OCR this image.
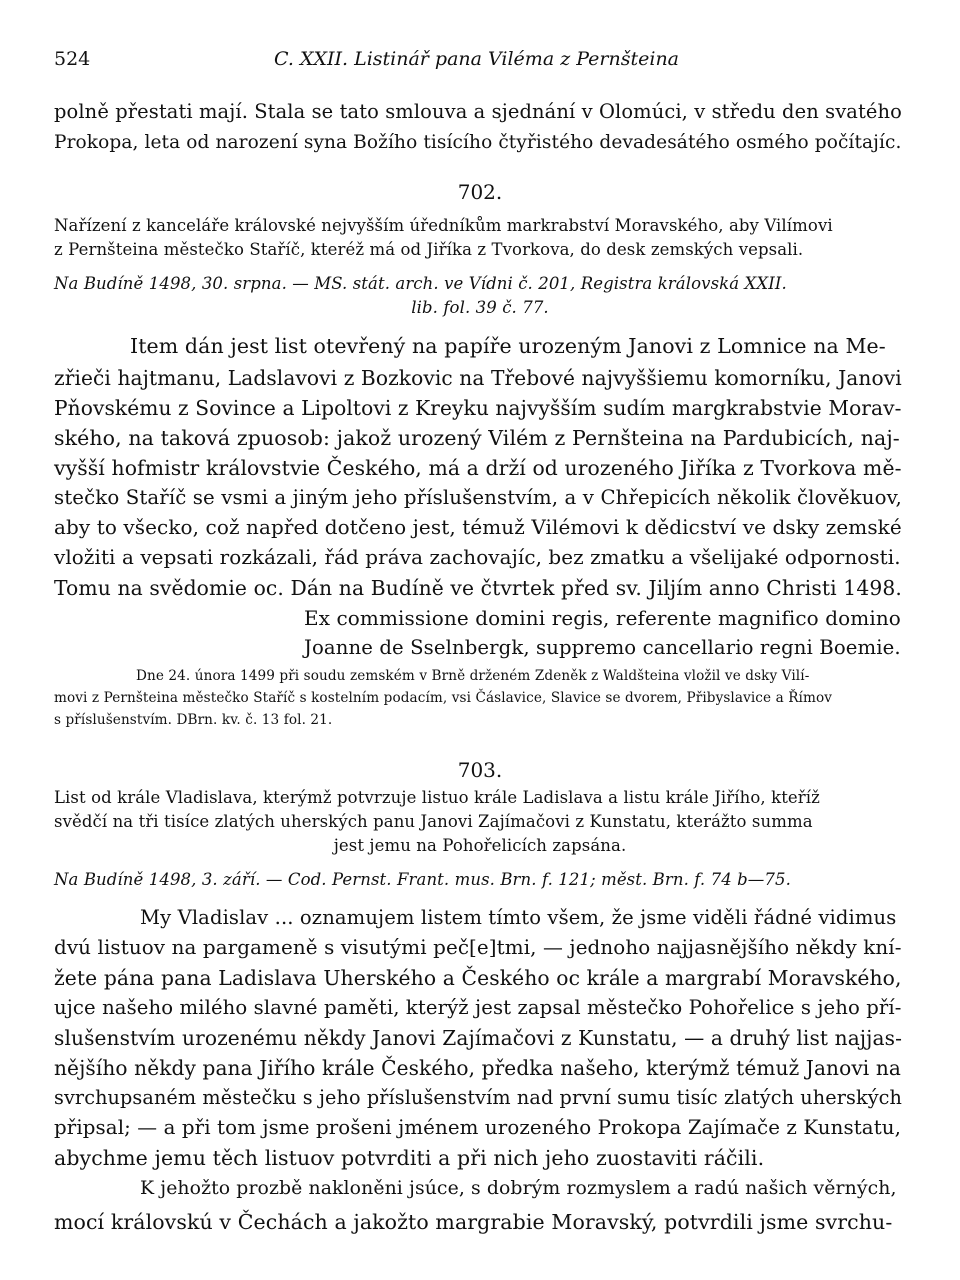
524	C. XXII. Listinář pana Viléma z Pernšteina
polně přestati mají. Stala se tato smlouva a sjednání v Olomúci, v středu den svatého
Prokopa, leta od narození syna Božího tisícího čtyřistého devadesátého osmého počítajíc.
702.
Nařízení z kanceláře královské nejvyšším úředníkům markrabství Moravského, aby Vilímovi
z Pernšteina městečko Staříč, kteréž má od Jiříka z Tvorkova, do desk zemských vepsali.
Na Budíně 1498, 30. srpna. — MS. stát. arch. ve Vídni č. 201, Registra královská XXII.
lib. fol. 39 č. 77.
Item dán jest list otevřený na papíře urozeným Janovi z Lomnice na Me-
zřieči hajtmanu, Ladslavovi z Bozkovic na Třebové najvyššiemu komorníku, Janovi
Pňovskému z Sovince a Lipoltovi z Kreyku najvyšším sudím margkrabstvie Morav-
ského, na taková zpuosob: jakož urozený Vilém z Pernšteina na Pardubicích, naj-
vyšší hofmistr královstvie Českého, má a drží od urozeného Jiříka z Tvorkova mě-
stečko Staříč se vsmi a jiným jeho příslušenstvím, a v Chřepicích několik člověkuov,
aby to všecko, což napřed dotčeno jest, témuž Vilémovi k dědicství ve dsky zemské
vložiti a vepsati rozkázali, řád práva zachovajíc, bez zmatku a všelijaké odpornosti.
Tomu na svědomie oc. Dán na Budíně ve čtvrtek před sv. Jiljím anno Christi 1498.
Ex commissione domini regis, referente magnifico domino
Joanne de Sselnbergk, suppremo cancellario regni Boemie.
Dne 24. února 1499 při soudu zemském v Brně drženém Zdeněk z Waldšteina vložil ve dsky Vilí-
movi z Pernšteina městečko Staříč s kostelním podacím, vsi Čáslavice, Slavice se dvorem, Přibyslavice a Římov
s příslušenstvím. DBrn. kv. č. 13 fol. 21.
703.
List od krále Vladislava, kterýmž potvrzuje listuo krále Ladislava a listu krále Jiřího, kteříž
svědčí na tři tisíce zlatých uherských panu Janovi Zajímačovi z Kunstatu, kterážto summa
jest jemu na Pohořelicích zapsána.
Na Budíně 1498, 3. září. — Cod. Pernst. Frant. mus. Brn. f. 121; měst. Brn. f. 74 b—75.
My Vladislav ... oznamujem listem tímto všem, že jsme viděli řádné vidimus
dvú listuov na pargameně s visutými peč[e]tmi, — jednoho najjasnějšího někdy kní-
žete pána pana Ladislava Uherského a Českého oc krále a margrabí Moravského,
ujce našeho milého slavné paměti, kterýž jest zapsal městečko Pohořelice s jeho pří-
slušenstvím urozenému někdy Janovi Zajímačovi z Kunstatu, — a druhý list najjas-
nějšího někdy pana Jiřího krále Českého, předka našeho, kterýmž témuž Janovi na
svrchupsaném městečku s jeho příslušenstvím nad první sumu tisíc zlatých uherských
připsal; — a při tom jsme prošeni jménem urozeného Prokopa Zajímače z Kunstatu,
abychme jemu těch listuov potvrditi a při nich jeho zuostaviti ráčili.
K jehožto prozbě nakloněni jsúce, s dobrým rozmyslem a radú našich věrných,
mocí královskú v Čechách a jakožto margrabie Moravský, potvrdili jsme svrchu-
